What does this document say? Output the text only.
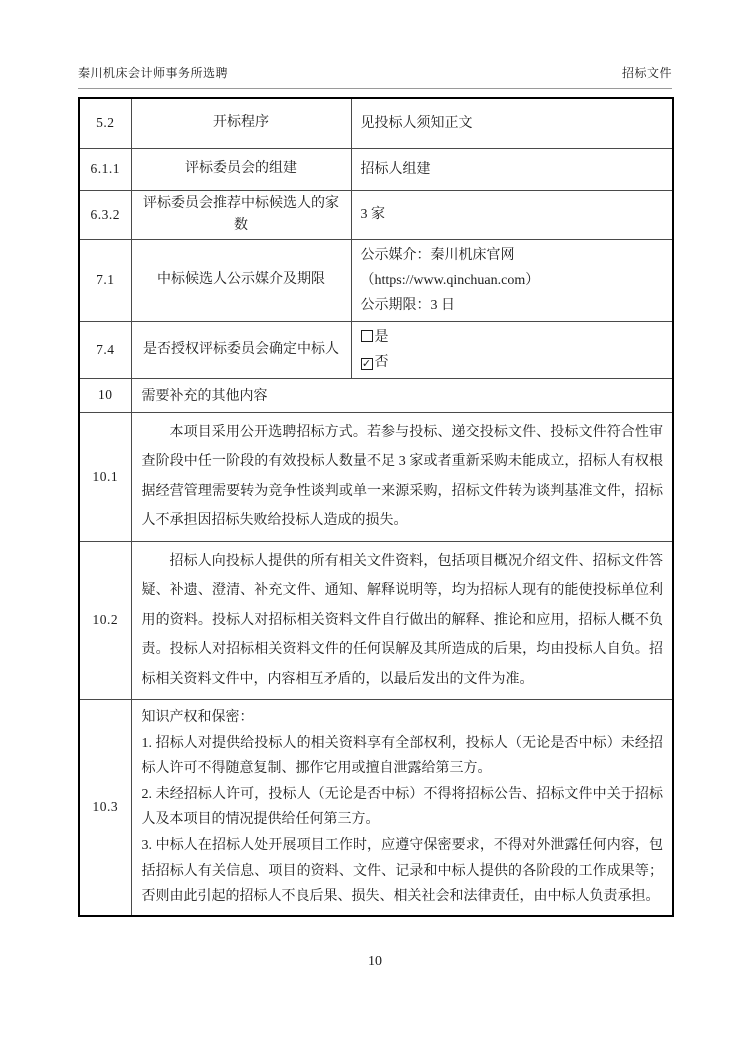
秦川机床会计师事务所选聘	招标文件
5.2	开标程序	见投标人须知正文

6.1.1	评标委员会的组建	招标人组建

6.3.2	评标委员会推荐中标候选人的家数	3 家

7.1	中标候选人公示媒介及期限	公示媒介：秦川机床官网
（https://www.qinchuan.com）
公示期限：3 日

7.4	是否授权评标委员会确定中标人	是
✓ 否

10	需要补充的其他内容	
10.1	本项目采用公开选聘招标方式。若参与投标、递交投标文件、投标文件符合性审查阶段中任一阶段的有效投标人数量不足 3 家或者重新采购未能成立，招标人有权根据经营管理需要转为竞争性谈判或单一来源采购，招标文件转为谈判基准文件，招标人不承担因招标失败给投标人造成的损失。	

10.2	招标人向投标人提供的所有相关文件资料，包括项目概况介绍文件、招标文件答疑、补遗、澄清、补充文件、通知、解释说明等，均为招标人现有的能使投标单位利用的资料。投标人对招标相关资料文件自行做出的解释、推论和应用，招标人概不负责。投标人对招标相关资料文件的任何误解及其所造成的后果，均由投标人自负。招标相关资料文件中，内容相互矛盾的，以最后发出的文件为准。	

10.3	知识产权和保密：

1. 招标人对提供给投标人的相关资料享有全部权利，投标人（无论是否中标）未经招标人许可不得随意复制、挪作它用或擅自泄露给第三方。

2. 未经招标人许可，投标人（无论是否中标）不得将招标公告、招标文件中关于招标人及本项目的情况提供给任何第三方。

3. 中标人在招标人处开展项目工作时，应遵守保密要求，不得对外泄露任何内容，包括招标人有关信息、项目的资料、文件、记录和中标人提供的各阶段的工作成果等；否则由此引起的招标人不良后果、损失、相关社会和法律责任，由中标人负责承担。	

10
